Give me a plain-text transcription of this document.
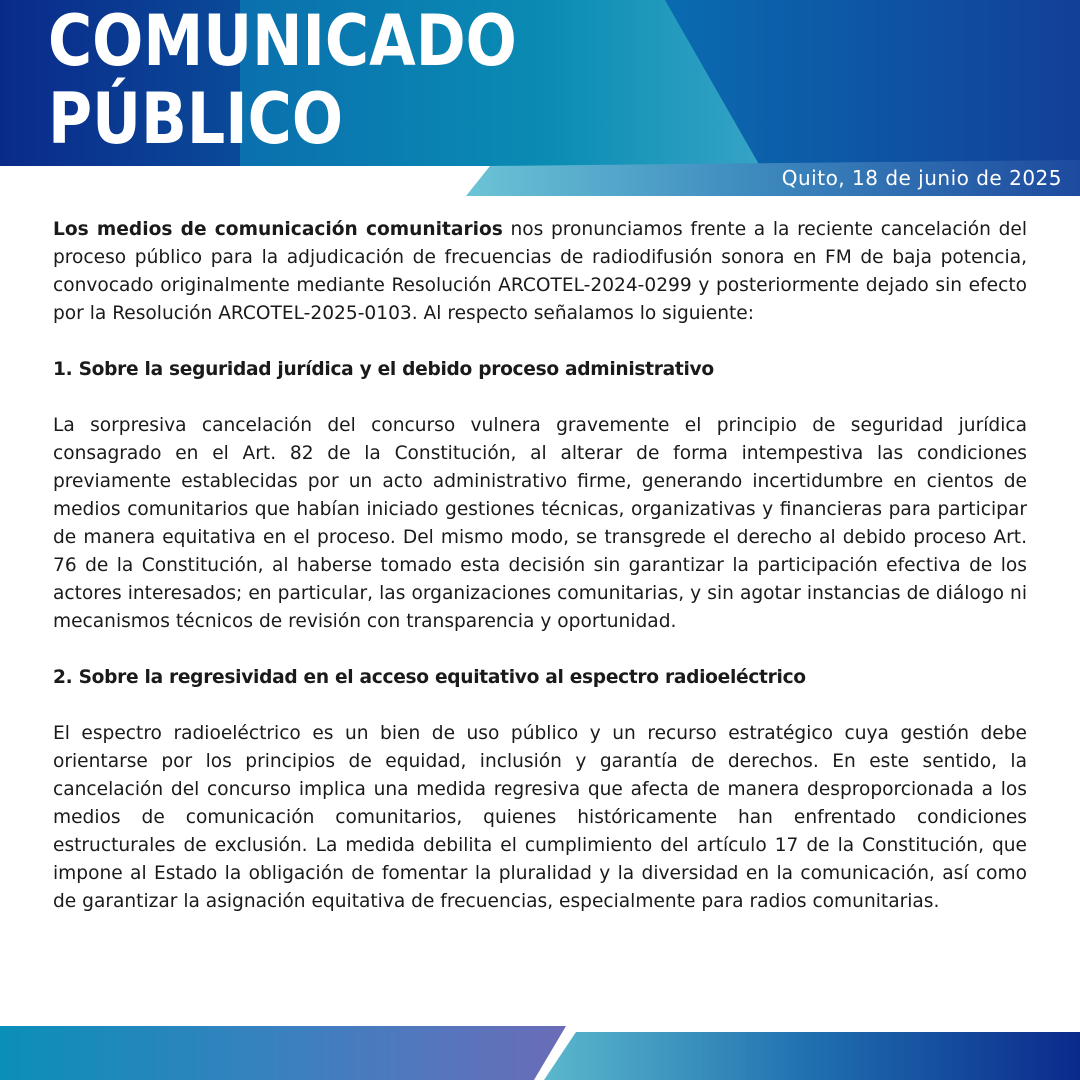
COMUNICADO
PÚBLICO
Quito, 18 de junio de 2025

Los medios de comunicación comunitarios nos pronunciamos frente a la reciente cancelación del proceso público para la adjudicación de frecuencias de radiodifusión sonora en FM de baja potencia, convocado originalmente mediante Resolución ARCOTEL-2024-0299 y posteriormente dejado sin efecto por la Resolución ARCOTEL-2025-0103. Al respecto señalamos lo siguiente:

1. Sobre la seguridad jurídica y el debido proceso administrativo

La sorpresiva cancelación del concurso vulnera gravemente el principio de seguridad jurídica consagrado en el Art. 82 de la Constitución, al alterar de forma intempestiva las condiciones previamente establecidas por un acto administrativo firme, generando incertidumbre en cientos de medios comunitarios que habían iniciado gestiones técnicas, organizativas y financieras para participar de manera equitativa en el proceso. Del mismo modo, se transgrede el derecho al debido proceso Art. 76 de la Constitución, al haberse tomado esta decisión sin garantizar la participación efectiva de los actores interesados; en particular, las organizaciones comunitarias, y sin agotar instancias de diálogo ni mecanismos técnicos de revisión con transparencia y oportunidad.

2. Sobre la regresividad en el acceso equitativo al espectro radioeléctrico

El espectro radioeléctrico es un bien de uso público y un recurso estratégico cuya gestión debe orientarse por los principios de equidad, inclusión y garantía de derechos. En este sentido, la cancelación del concurso implica una medida regresiva que afecta de manera desproporcionada a los medios de comunicación comunitarios, quienes históricamente han enfrentado condiciones estructurales de exclusión. La medida debilita el cumplimiento del artículo 17 de la Constitución, que impone al Estado la obligación de fomentar la pluralidad y la diversidad en la comunicación, así como de garantizar la asignación equitativa de frecuencias, especialmente para radios comunitarias.
